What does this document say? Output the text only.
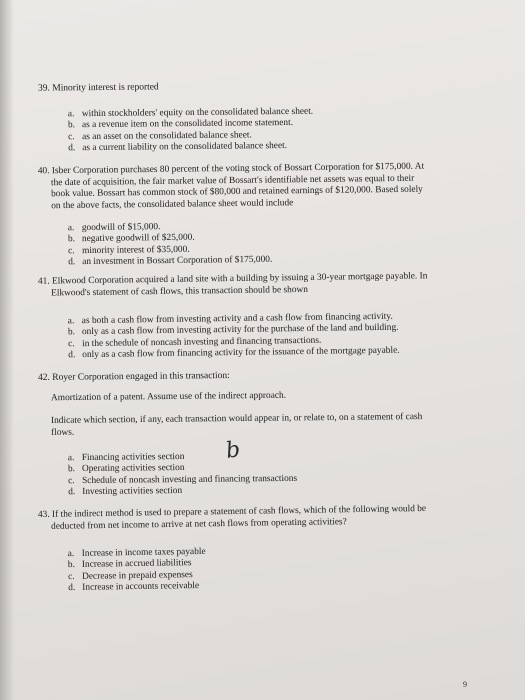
39. Minority interest is reported
a. within stockholders' equity on the consolidated balance sheet.
b. as a revenue item on the consolidated income statement.
c. as an asset on the consolidated balance sheet.
d. as a current liability on the consolidated balance sheet.
40. Isber Corporation purchases 80 percent of the voting stock of Bossart Corporation for $175,000. At
the date of acquisition, the fair market value of Bossart's identifiable net assets was equal to their
book value. Bossart has common stock of $80,000 and retained earnings of $120,000. Based solely
on the above facts, the consolidated balance sheet would include
a. goodwill of $15,000.
b. negative goodwill of $25,000.
c. minority interest of $35,000.
d. an investment in Bossart Corporation of $175,000.
41. Elkwood Corporation acquired a land site with a building by issuing a 30-year mortgage payable. In
Elkwood's statement of cash flows, this transaction should be shown
a. as both a cash flow from investing activity and a cash flow from financing activity.
b. only as a cash flow from investing activity for the purchase of the land and building.
c. in the schedule of noncash investing and financing transactions.
d. only as a cash flow from financing activity for the issuance of the mortgage payable.
42. Royer Corporation engaged in this transaction:
Amortization of a patent. Assume use of the indirect approach.
Indicate which section, if any, each transaction would appear in, or relate to, on a statement of cash
flows.
a. Financing activities section
b. Operating activities section
c. Schedule of noncash investing and financing transactions
d. Investing activities section
b
43. If the indirect method is used to prepare a statement of cash flows, which of the following would be
deducted from net income to arrive at net cash flows from operating activities?
a. Increase in income taxes payable
b. Increase in accrued liabilities
c. Decrease in prepaid expenses
d. Increase in accounts receivable
9
